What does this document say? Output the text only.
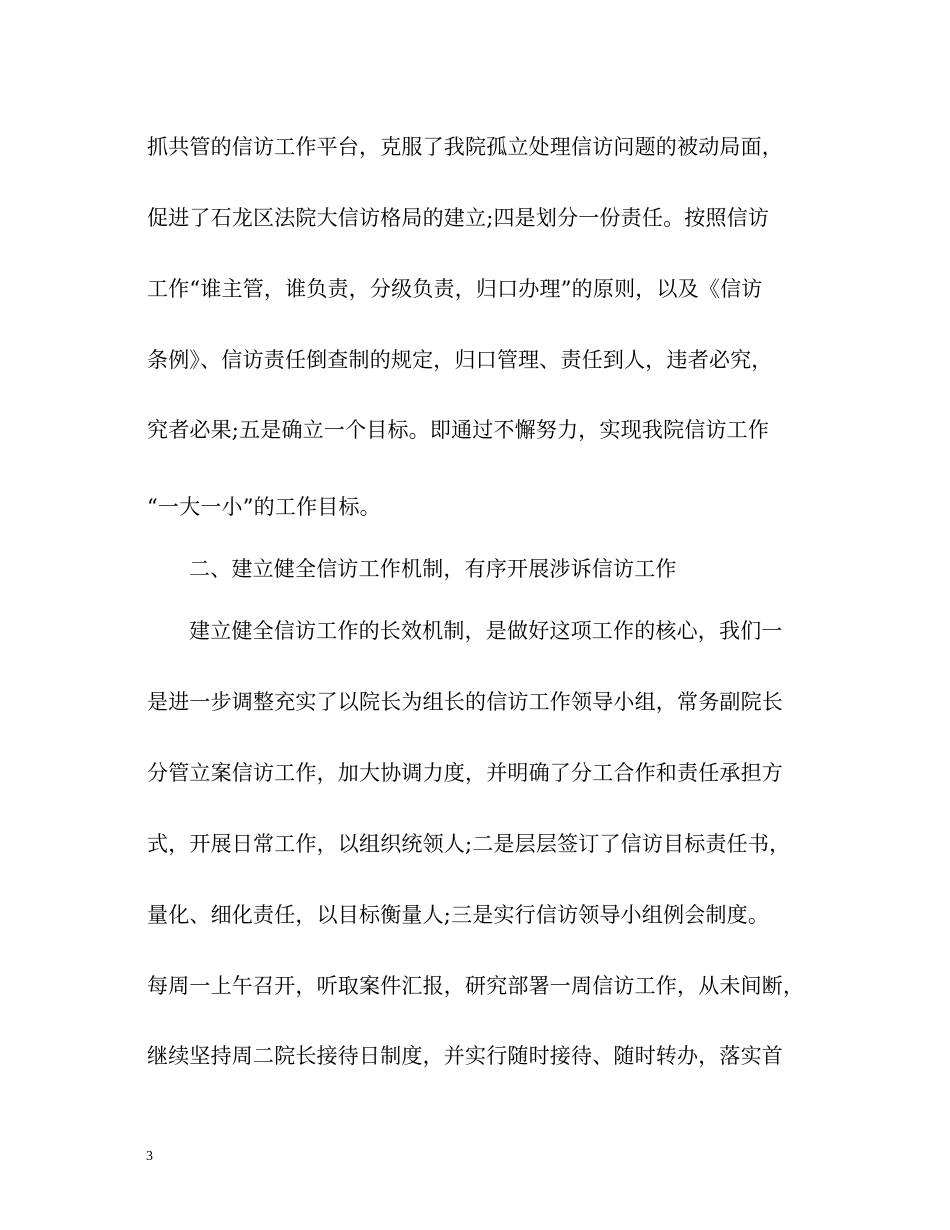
抓共管的信访工作平台，克服了我院孤立处理信访问题的被动局面，
促进了石龙区法院大信访格局的建立;四是划分一份责任。按照信访
工作“谁主管，谁负责，分级负责，归口办理”的原则，以及《信访
条例》、信访责任倒查制的规定，归口管理、责任到人，违者必究，
究者必果;五是确立一个目标。即通过不懈努力，实现我院信访工作
“一大一小”的工作目标。
二、建立健全信访工作机制，有序开展涉诉信访工作
建立健全信访工作的长效机制，是做好这项工作的核心，我们一
是进一步调整充实了以院长为组长的信访工作领导小组，常务副院长
分管立案信访工作，加大协调力度，并明确了分工合作和责任承担方
式，开展日常工作，以组织统领人;二是层层签订了信访目标责任书，
量化、细化责任，以目标衡量人;三是实行信访领导小组例会制度。
每周一上午召开，听取案件汇报，研究部署一周信访工作，从未间断，
继续坚持周二院长接待日制度，并实行随时接待、随时转办，落实首
3
